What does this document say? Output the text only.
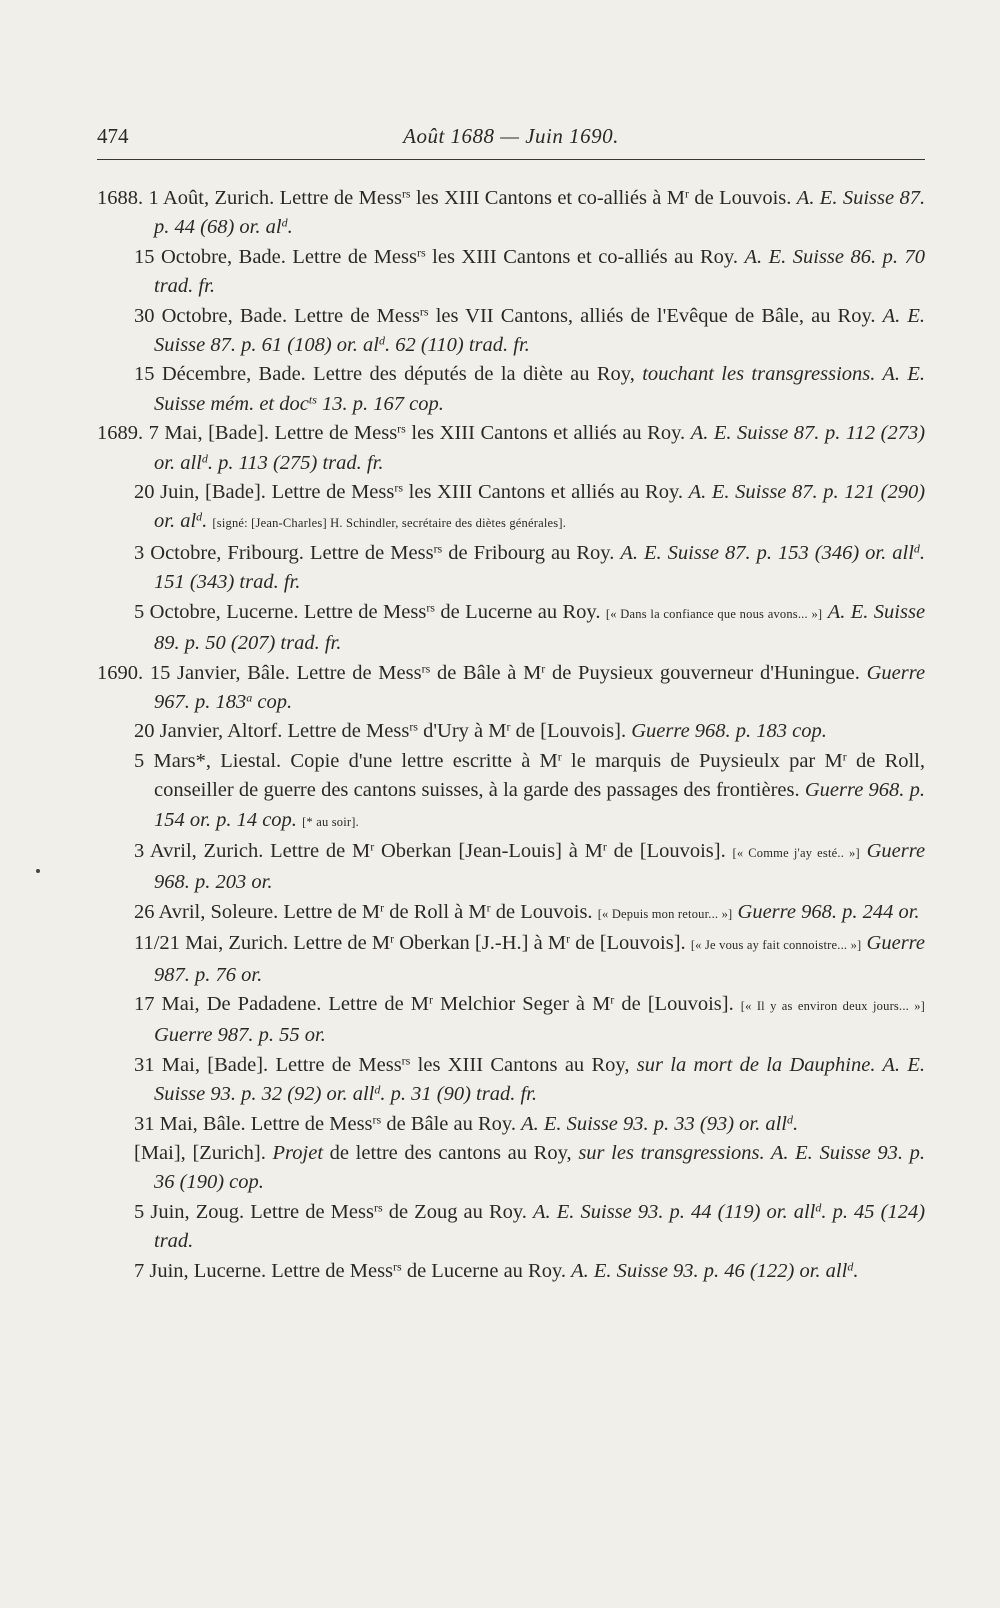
474	Août 1688 — Juin 1690.
1688. 1 Août, Zurich. Lettre de Mess$^{rs}$ les XIII Cantons et co-alliés à $M^r$ de Louvois. A. E. Suisse 87. p. 44 (68) or. $al^d$.
15 Octobre, Bade. Lettre de Mess$^{rs}$ les XIII Cantons et co-alliés au Roy. A. E. Suisse 86. p. 70 trad. fr.
30 Octobre, Bade. Lettre de Mess$^{rs}$ les VII Cantons, alliés de l'Evêque de Bâle, au Roy. A. E. Suisse 87. p. 61 (108) or. $al^d$. 62 (110) trad. fr.
15 Décembre, Bade. Lettre des députés de la diète au Roy, touchant les transgressions. A. E. Suisse mém. et doc$^{ts}$ 13. p. 167 cop.
1689. 7 Mai, [Bade]. Lettre de Mess$^{rs}$ les XIII Cantons et alliés au Roy. A. E. Suisse 87. p. 112 (273) or. all$^d$. p. 113 (275) trad. fr.
20 Juin, [Bade]. Lettre de Mess$^{rs}$ les XIII Cantons et alliés au Roy. A. E. Suisse 87. p. 121 (290) or. $al^d$. [signé: [Jean-Charles] H. Schindler, secrétaire des diètes générales].
3 Octobre, Fribourg. Lettre de Mess$^{rs}$ de Fribourg au Roy. A. E. Suisse 87. p. 153 (346) or. all$^d$. 151 (343) trad. fr.
5 Octobre, Lucerne. Lettre de Mess$^{rs}$ de Lucerne au Roy. [« Dans la confiance que nous avons... »] A. E. Suisse 89. p. 50 (207) trad. fr.
1690. 15 Janvier, Bâle. Lettre de Mess$^{rs}$ de Bâle à $M^r$ de Puysieux gouverneur d'Huningue. Guerre 967. p. 183$^a$ cop.
20 Janvier, Altorf. Lettre de Mess$^{rs}$ d'Ury à $M^r$ de [Louvois]. Guerre 968. p. 183 cop.
5 Mars*, Liestal. Copie d'une lettre escritte à $M^r$ le marquis de Puysieulx par $M^r$ de Roll, conseiller de guerre des cantons suisses, à la garde des passages des frontières. Guerre 968. p. 154 or. p. 14 cop. [* au soir].
3 Avril, Zurich. Lettre de $M^r$ Oberkan [Jean-Louis] à $M^r$ de [Louvois]. [« Comme j'ay esté.. »] Guerre 968. p. 203 or.
26 Avril, Soleure. Lettre de $M^r$ de Roll à $M^r$ de Louvois. [« Depuis mon retour... »] Guerre 968. p. 244 or.
11/21 Mai, Zurich. Lettre de $M^r$ Oberkan [J.-H.] à $M^r$ de [Louvois]. [« Je vous ay fait connoistre... »] Guerre 987. p. 76 or.
17 Mai, De Padadene. Lettre de $M^r$ Melchior Seger à $M^r$ de [Louvois]. [« Il y as environ deux jours... »] Guerre 987. p. 55 or.
31 Mai, [Bade]. Lettre de Mess$^{rs}$ les XIII Cantons au Roy, sur la mort de la Dauphine. A. E. Suisse 93. p. 32 (92) or. all$^d$. p. 31 (90) trad. fr.
31 Mai, Bâle. Lettre de Mess$^{rs}$ de Bâle au Roy. A. E. Suisse 93. p. 33 (93) or. all$^d$.
[Mai], [Zurich]. Projet de lettre des cantons au Roy, sur les transgressions. A. E. Suisse 93. p. 36 (190) cop.
5 Juin, Zoug. Lettre de Mess$^{rs}$ de Zoug au Roy. A. E. Suisse 93. p. 44 (119) or. all$^d$. p. 45 (124) trad.
7 Juin, Lucerne. Lettre de Mess$^{rs}$ de Lucerne au Roy. A. E. Suisse 93. p. 46 (122) or. all$^d$.
